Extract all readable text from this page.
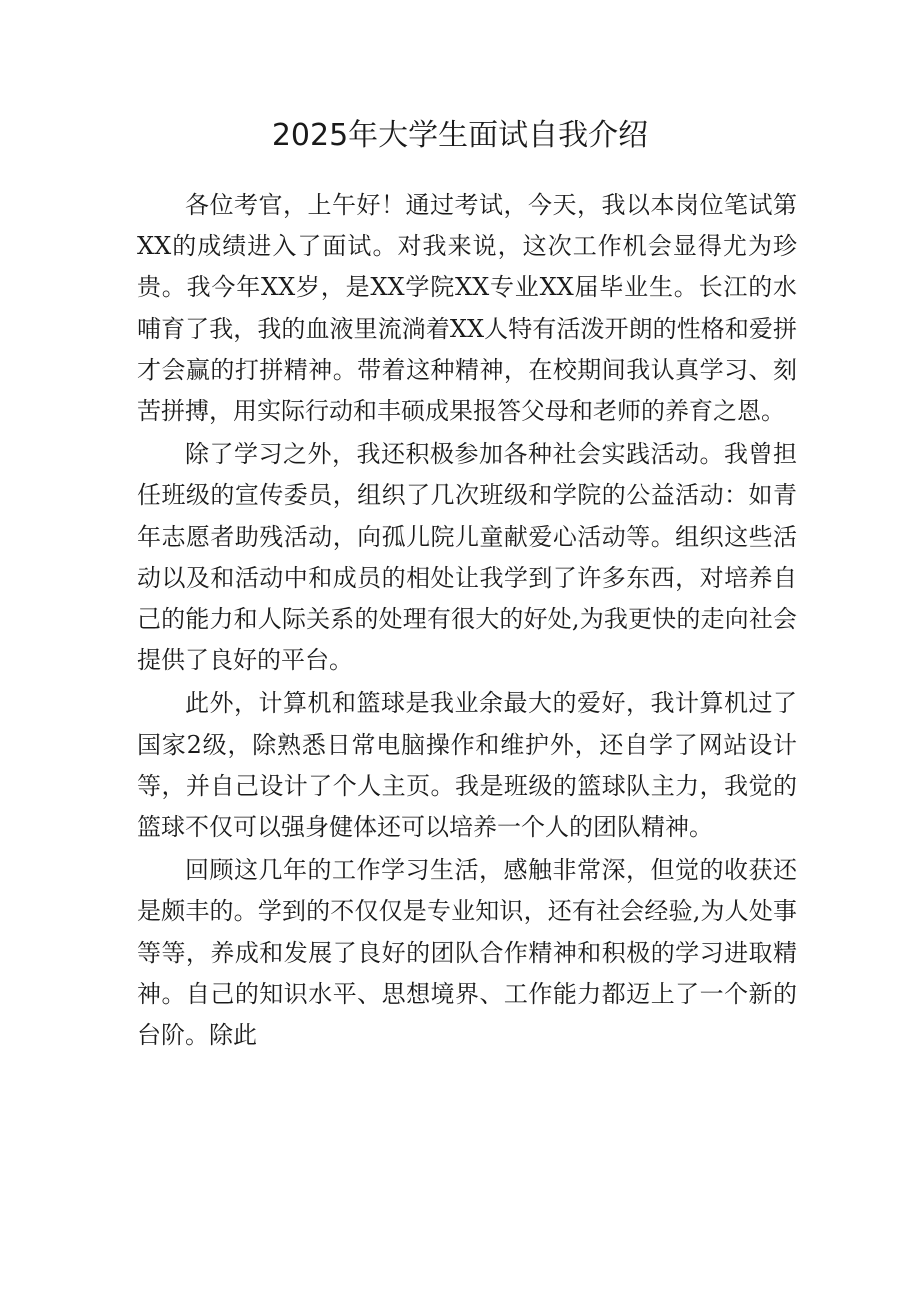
2025年大学生面试自我介绍

各位考官，上午好！通过考试，今天，我以本岗位笔试第XX的成绩进入了面试。对我来说，这次工作机会显得尤为珍贵。我今年XX岁，是XX学院XX专业XX届毕业生。长江的水哺育了我，我的血液里流淌着XX人特有活泼开朗的性格和爱拼才会赢的打拼精神。带着这种精神，在校期间我认真学习、刻苦拼搏，用实际行动和丰硕成果报答父母和老师的养育之恩。

除了学习之外，我还积极参加各种社会实践活动。我曾担任班级的宣传委员，组织了几次班级和学院的公益活动：如青年志愿者助残活动，向孤儿院儿童献爱心活动等。组织这些活动以及和活动中和成员的相处让我学到了许多东西，对培养自己的能力和人际关系的处理有很大的好处,为我更快的走向社会提供了良好的平台。

此外，计算机和篮球是我业余最大的爱好，我计算机过了国家2级，除熟悉日常电脑操作和维护外，还自学了网站设计等，并自己设计了个人主页。我是班级的篮球队主力，我觉的篮球不仅可以强身健体还可以培养一个人的团队精神。

回顾这几年的工作学习生活，感触非常深，但觉的收获还是颇丰的。学到的不仅仅是专业知识，还有社会经验,为人处事等等，养成和发展了良好的团队合作精神和积极的学习进取精神。自己的知识水平、思想境界、工作能力都迈上了一个新的台阶。除此
